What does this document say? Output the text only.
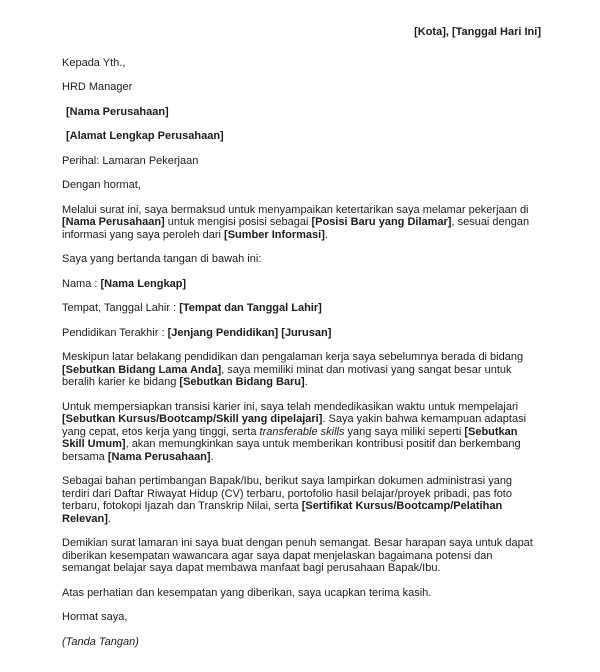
[Kota], [Tanggal Hari Ini]

Kepada Yth.,

HRD Manager

[Nama Perusahaan]

[Alamat Lengkap Perusahaan]

Perihal: Lamaran Pekerjaan

Dengan hormat,

Melalui surat ini, saya bermaksud untuk menyampaikan ketertarikan saya melamar pekerjaan di [Nama Perusahaan] untuk mengisi posisi sebagai [Posisi Baru yang Dilamar], sesuai dengan informasi yang saya peroleh dari [Sumber Informasi].

Saya yang bertanda tangan di bawah ini:

Nama : [Nama Lengkap]

Tempat, Tanggal Lahir : [Tempat dan Tanggal Lahir]

Pendidikan Terakhir : [Jenjang Pendidikan] [Jurusan]

Meskipun latar belakang pendidikan dan pengalaman kerja saya sebelumnya berada di bidang [Sebutkan Bidang Lama Anda], saya memiliki minat dan motivasi yang sangat besar untuk beralih karier ke bidang [Sebutkan Bidang Baru].

Untuk mempersiapkan transisi karier ini, saya telah mendedikasikan waktu untuk mempelajari [Sebutkan Kursus/Bootcamp/Skill yang dipelajari]. Saya yakin bahwa kemampuan adaptasi yang cepat, etos kerja yang tinggi, serta transferable skills yang saya miliki seperti [Sebutkan Skill Umum], akan memungkinkan saya untuk memberikan kontribusi positif dan berkembang bersama [Nama Perusahaan].

Sebagai bahan pertimbangan Bapak/Ibu, berikut saya lampirkan dokumen administrasi yang terdiri dari Daftar Riwayat Hidup (CV) terbaru, portofolio hasil belajar/proyek pribadi, pas foto terbaru, fotokopi Ijazah dan Transkrip Nilai, serta [Sertifikat Kursus/Bootcamp/Pelatihan Relevan].

Demikian surat lamaran ini saya buat dengan penuh semangat. Besar harapan saya untuk dapat diberikan kesempatan wawancara agar saya dapat menjelaskan bagaimana potensi dan semangat belajar saya dapat membawa manfaat bagi perusahaan Bapak/Ibu.

Atas perhatian dan kesempatan yang diberikan, saya ucapkan terima kasih.

Hormat saya,

(Tanda Tangan)
